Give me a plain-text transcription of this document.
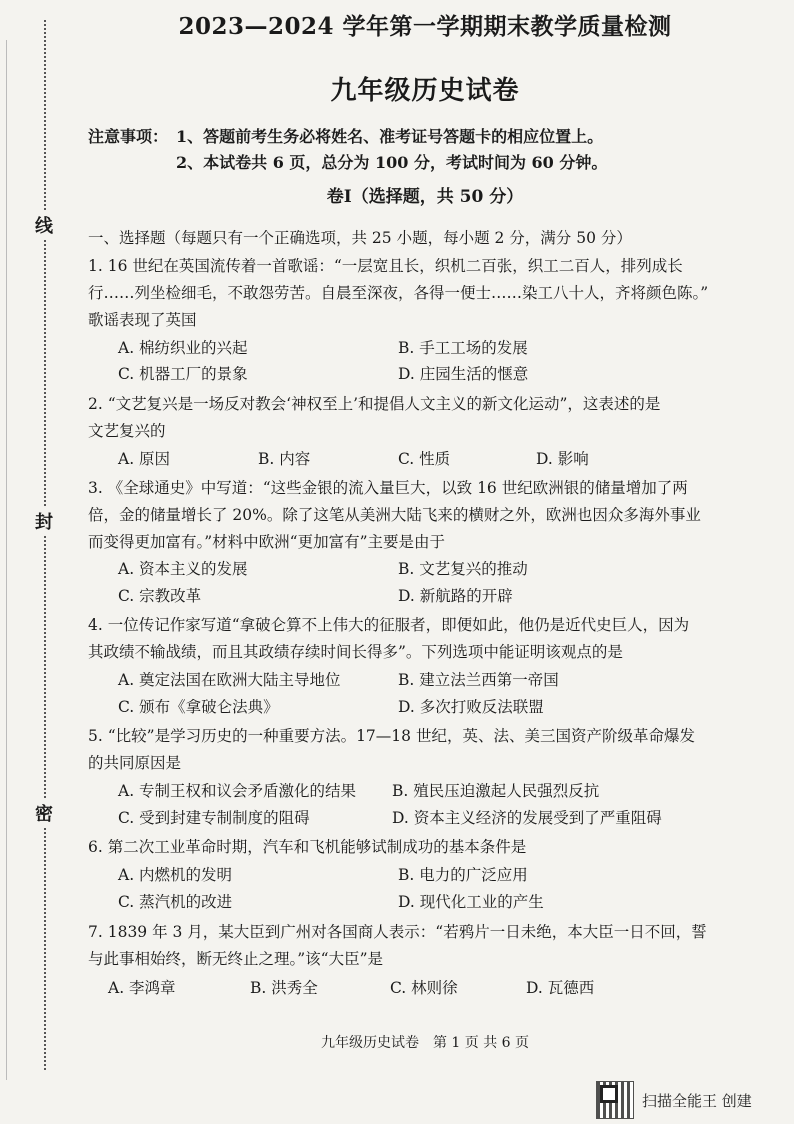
线
封
密
2023—2024 学年第一学期期末教学质量检测
九年级历史试卷
注意事项： 1、答题前考生务必将姓名、准考证号答题卡的相应位置上。
2、本试卷共 6 页，总分为 100 分，考试时间为 60 分钟。
卷Ⅰ（选择题，共 50 分）
一、选择题（每题只有一个正确选项，共 25 小题，每小题 2 分，满分 50 分）
1. 16 世纪在英国流传着一首歌谣：“一层宽且长，织机二百张，织工二百人，排列成长
行……列坐检细毛，不敢怨劳苦。自晨至深夜，各得一便士……染工八十人，齐将颜色陈。”
歌谣表现了英国
A. 棉纺织业的兴起	B. 手工工场的发展
C. 机器工厂的景象	D. 庄园生活的惬意
2. “文艺复兴是一场反对教会‘神权至上’和提倡人文主义的新文化运动”，这表述的是
文艺复兴的
A. 原因	B. 内容	C. 性质	D. 影响
3. 《全球通史》中写道：“这些金银的流入量巨大，以致 16 世纪欧洲银的储量增加了两
倍，金的储量增长了 20%。除了这笔从美洲大陆飞来的横财之外，欧洲也因众多海外事业
而变得更加富有。”材料中欧洲“更加富有”主要是由于
A. 资本主义的发展	B. 文艺复兴的推动
C. 宗教改革	D. 新航路的开辟
4. 一位传记作家写道“拿破仑算不上伟大的征服者，即便如此，他仍是近代史巨人，因为
其政绩不输战绩，而且其政绩存续时间长得多”。下列选项中能证明该观点的是
A. 奠定法国在欧洲大陆主导地位	B. 建立法兰西第一帝国
C. 颁布《拿破仑法典》	D. 多次打败反法联盟
5. “比较”是学习历史的一种重要方法。17—18 世纪，英、法、美三国资产阶级革命爆发
的共同原因是
A. 专制王权和议会矛盾激化的结果 B. 殖民压迫激起人民强烈反抗
C. 受到封建专制制度的阻碍	D. 资本主义经济的发展受到了严重阻碍
6. 第二次工业革命时期，汽车和飞机能够试制成功的基本条件是
A. 内燃机的发明	B. 电力的广泛应用
C. 蒸汽机的改进	D. 现代化工业的产生
7. 1839 年 3 月，某大臣到广州对各国商人表示：“若鸦片一日未绝，本大臣一日不回，誓
与此事相始终，断无终止之理。”该“大臣”是
A. 李鸿章	B. 洪秀全	C. 林则徐	D. 瓦德西
九年级历史试卷　第 1 页 共 6 页
扫描全能王 创建
